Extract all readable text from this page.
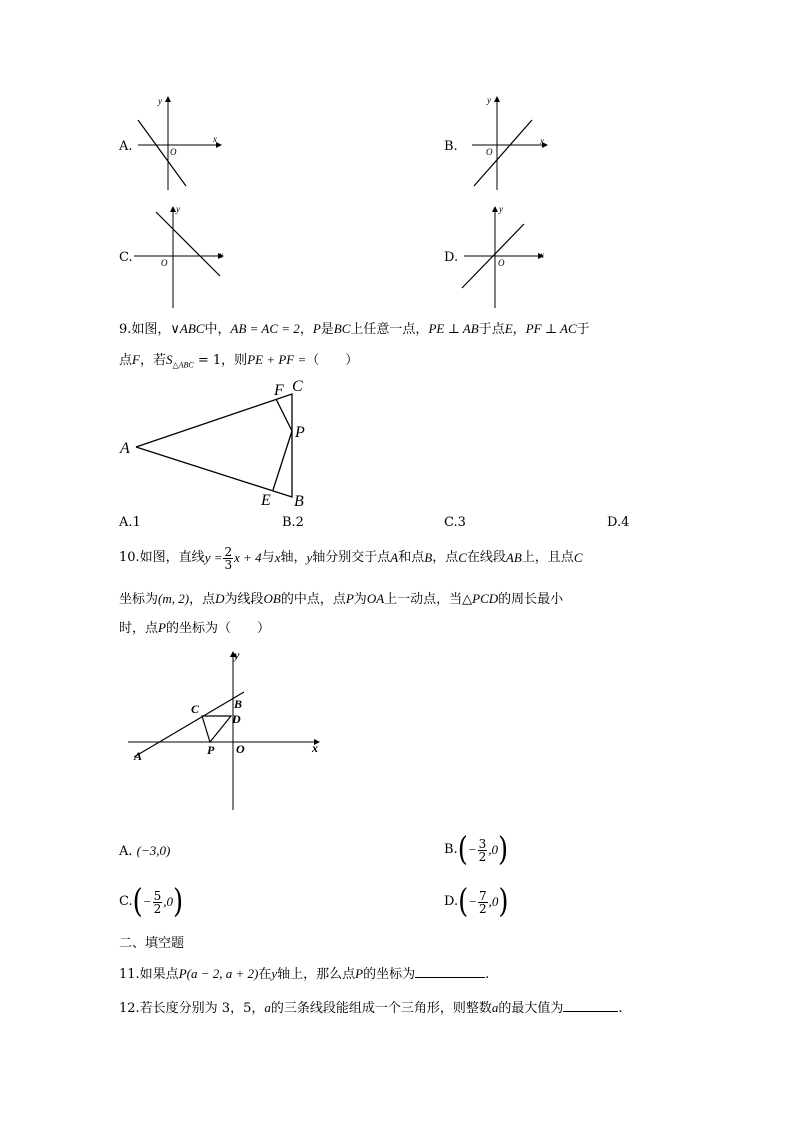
A.	x
y
O	B.	x
y
O
C.	x
y
O	D.	x
y
O
9.如图，∨ABC中，AB = AC = 2，P是BC上任意一点，PE ⊥ AB于点E，PF ⊥ AC于
点F，若$S_{\triangle ABC} = 1$，则PE + PF =（　　）
A
C
F
P
E B
A.1	B.2	C.3	D.4
10.如图，直线 $y = \frac{2}{3}$ x + 4 与 x 轴， y 轴分别交于点 A 和点 B ，点 C 在线段 AB 上，且点 C
坐标为(m, 2)，点D为线段OB的中点，点P为OA上一动点，当△PCD的周长最小
时，点P的坐标为（　　）
y
x
A
B
C
D
P O
A. (−3,0)	B. ( − $\frac{3}{2} ,0$ )
C. ( − $\frac{5}{2} ,0$ )	D. ( − $\frac{7}{2} ,0$ )
二、填空题
11.如果点P(a − 2, a + 2)在y轴上，那么点P的坐标为	.
12.若长度分别为 3，5，a的三条线段能组成一个三角形，则整数a的最大值为	.
